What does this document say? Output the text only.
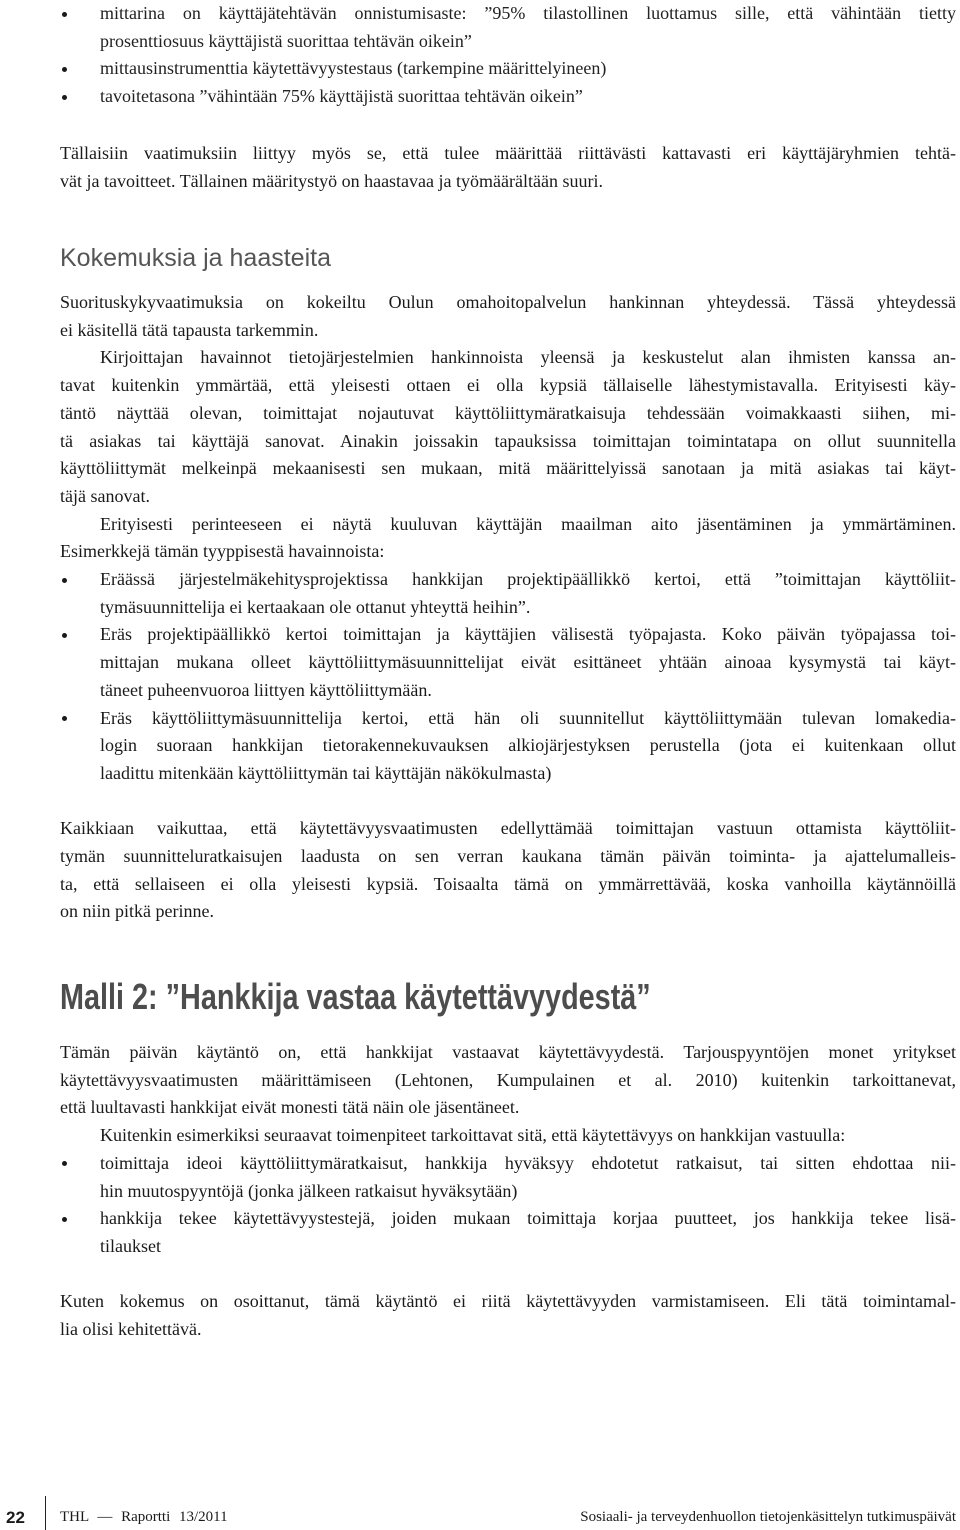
mittarina on käyttäjätehtävän onnistumisaste: ”95% tilastollinen luottamus sille, että vähintään tietty
prosenttiosuus käyttäjistä suorittaa tehtävän oikein”
mittausinstrumenttia käytettävyystestaus (tarkempine määrittelyineen)
tavoitetasona ”vähintään 75% käyttäjistä suorittaa tehtävän oikein”
Tällaisiin vaatimuksiin liittyy myös se, että tulee määrittää riittävästi kattavasti eri käyttäjäryhmien tehtä-
vät ja tavoitteet. Tällainen määritystyö on haastavaa ja työmäärältään suuri.
Kokemuksia ja haasteita
Suorituskykyvaatimuksia on kokeiltu Oulun omahoitopalvelun hankinnan yhteydessä. Tässä yhteydessä
ei käsitellä tätä tapausta tarkemmin.
Kirjoittajan havainnot tietojärjestelmien hankinnoista yleensä ja keskustelut alan ihmisten kanssa an-
tavat kuitenkin ymmärtää, että yleisesti ottaen ei olla kypsiä tällaiselle lähestymistavalla. Erityisesti käy-
täntö näyttää olevan, toimittajat nojautuvat käyttöliittymäratkaisuja tehdessään voimakkaasti siihen, mi-
tä asiakas tai käyttäjä sanovat. Ainakin joissakin tapauksissa toimittajan toimintatapa on ollut suunnitella
käyttöliittymät melkeinpä mekaanisesti sen mukaan, mitä määrittelyissä sanotaan ja mitä asiakas tai käyt-
täjä sanovat.
Erityisesti perinteeseen ei näytä kuuluvan käyttäjän maailman aito jäsentäminen ja ymmärtäminen.
Esimerkkejä tämän tyyppisestä havainnoista:
Eräässä järjestelmäkehitysprojektissa hankkijan projektipäällikkö kertoi, että ”toimittajan käyttöliit-
tymäsuunnittelija ei kertaakaan ole ottanut yhteyttä heihin”.
Eräs projektipäällikkö kertoi toimittajan ja käyttäjien välisestä työpajasta. Koko päivän työpajassa toi-
mittajan mukana olleet käyttöliittymäsuunnittelijat eivät esittäneet yhtään ainoaa kysymystä tai käyt-
täneet puheenvuoroa liittyen käyttöliittymään.
Eräs käyttöliittymäsuunnittelija kertoi, että hän oli suunnitellut käyttöliittymään tulevan lomakedia-
login suoraan hankkijan tietorakennekuvauksen alkiojärjestyksen perustella (jota ei kuitenkaan ollut
laadittu mitenkään käyttöliittymän tai käyttäjän näkökulmasta)
Kaikkiaan vaikuttaa, että käytettävyysvaatimusten edellyttämää toimittajan vastuun ottamista käyttöliit-
tymän suunnitteluratkaisujen laadusta on sen verran kaukana tämän päivän toiminta- ja ajattelumalleis-
ta, että sellaiseen ei olla yleisesti kypsiä. Toisaalta tämä on ymmärrettävää, koska vanhoilla käytännöillä
on niin pitkä perinne.
Malli 2: ”Hankkija vastaa käytettävyydestä”
Tämän päivän käytäntö on, että hankkijat vastaavat käytettävyydestä. Tarjouspyyntöjen monet yritykset
käytettävyysvaatimusten määrittämiseen (Lehtonen, Kumpulainen et al. 2010) kuitenkin tarkoittanevat,
että luultavasti hankkijat eivät monesti tätä näin ole jäsentäneet.
Kuitenkin esimerkiksi seuraavat toimenpiteet tarkoittavat sitä, että käytettävyys on hankkijan vastuulla:
toimittaja ideoi käyttöliittymäratkaisut, hankkija hyväksyy ehdotetut ratkaisut, tai sitten ehdottaa nii-
hin muutospyyntöjä (jonka jälkeen ratkaisut hyväksytään)
hankkija tekee käytettävyystestejä, joiden mukaan toimittaja korjaa puutteet, jos hankkija tekee lisä-
tilaukset
Kuten kokemus on osoittanut, tämä käytäntö ei riitä käytettävyyden varmistamiseen. Eli tätä toimintamal-
lia olisi kehitettävä.
22 THL — Raportti 13/2011	Sosiaali- ja terveydenhuollon tietojenkäsittelyn tutkimuspäivät
